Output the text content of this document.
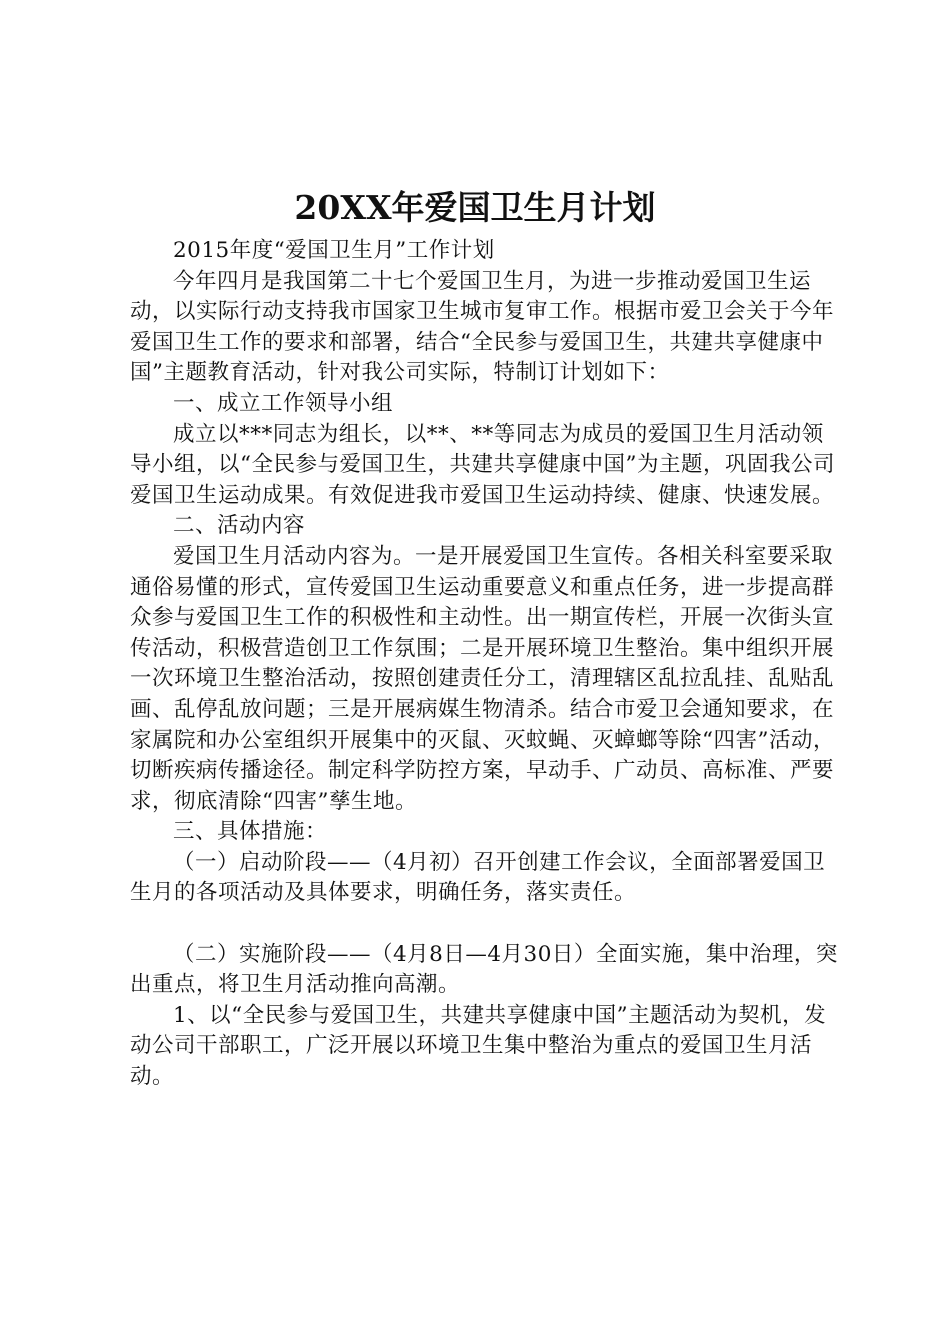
20XX年爱国卫生月计划

2015年度“爱国卫生月”工作计划

今年四月是我国第二十七个爱国卫生月，为进一步推动爱国卫生运动，以实际行动支持我市国家卫生城市复审工作。根据市爱卫会关于今年爱国卫生工作的要求和部署，结合“全民参与爱国卫生，共建共享健康中国”主题教育活动，针对我公司实际，特制订计划如下：

一、成立工作领导小组

成立以***同志为组长，以**、**等同志为成员的爱国卫生月活动领导小组，以“全民参与爱国卫生，共建共享健康中国”为主题，巩固我公司爱国卫生运动成果。有效促进我市爱国卫生运动持续、健康、快速发展。

二、活动内容

爱国卫生月活动内容为。一是开展爱国卫生宣传。各相关科室要采取通俗易懂的形式，宣传爱国卫生运动重要意义和重点任务，进一步提高群众参与爱国卫生工作的积极性和主动性。出一期宣传栏，开展一次街头宣传活动，积极营造创卫工作氛围；二是开展环境卫生整治。集中组织开展一次环境卫生整治活动，按照创建责任分工，清理辖区乱拉乱挂、乱贴乱画、乱停乱放问题；三是开展病媒生物清杀。结合市爱卫会通知要求，在家属院和办公室组织开展集中的灭鼠、灭蚊蝇、灭蟑螂等除“四害”活动，切断疾病传播途径。制定科学防控方案，早动手、广动员、高标准、严要求，彻底清除“四害”孳生地。

三、具体措施：

（一）启动阶段——（4月初）召开创建工作会议，全面部署爱国卫生月的各项活动及具体要求，明确任务，落实责任。

（二）实施阶段——（4月8日—4月30日）全面实施，集中治理，突出重点，将卫生月活动推向高潮。

1、以“全民参与爱国卫生，共建共享健康中国”主题活动为契机，发动公司干部职工，广泛开展以环境卫生集中整治为重点的爱国卫生月活动。
